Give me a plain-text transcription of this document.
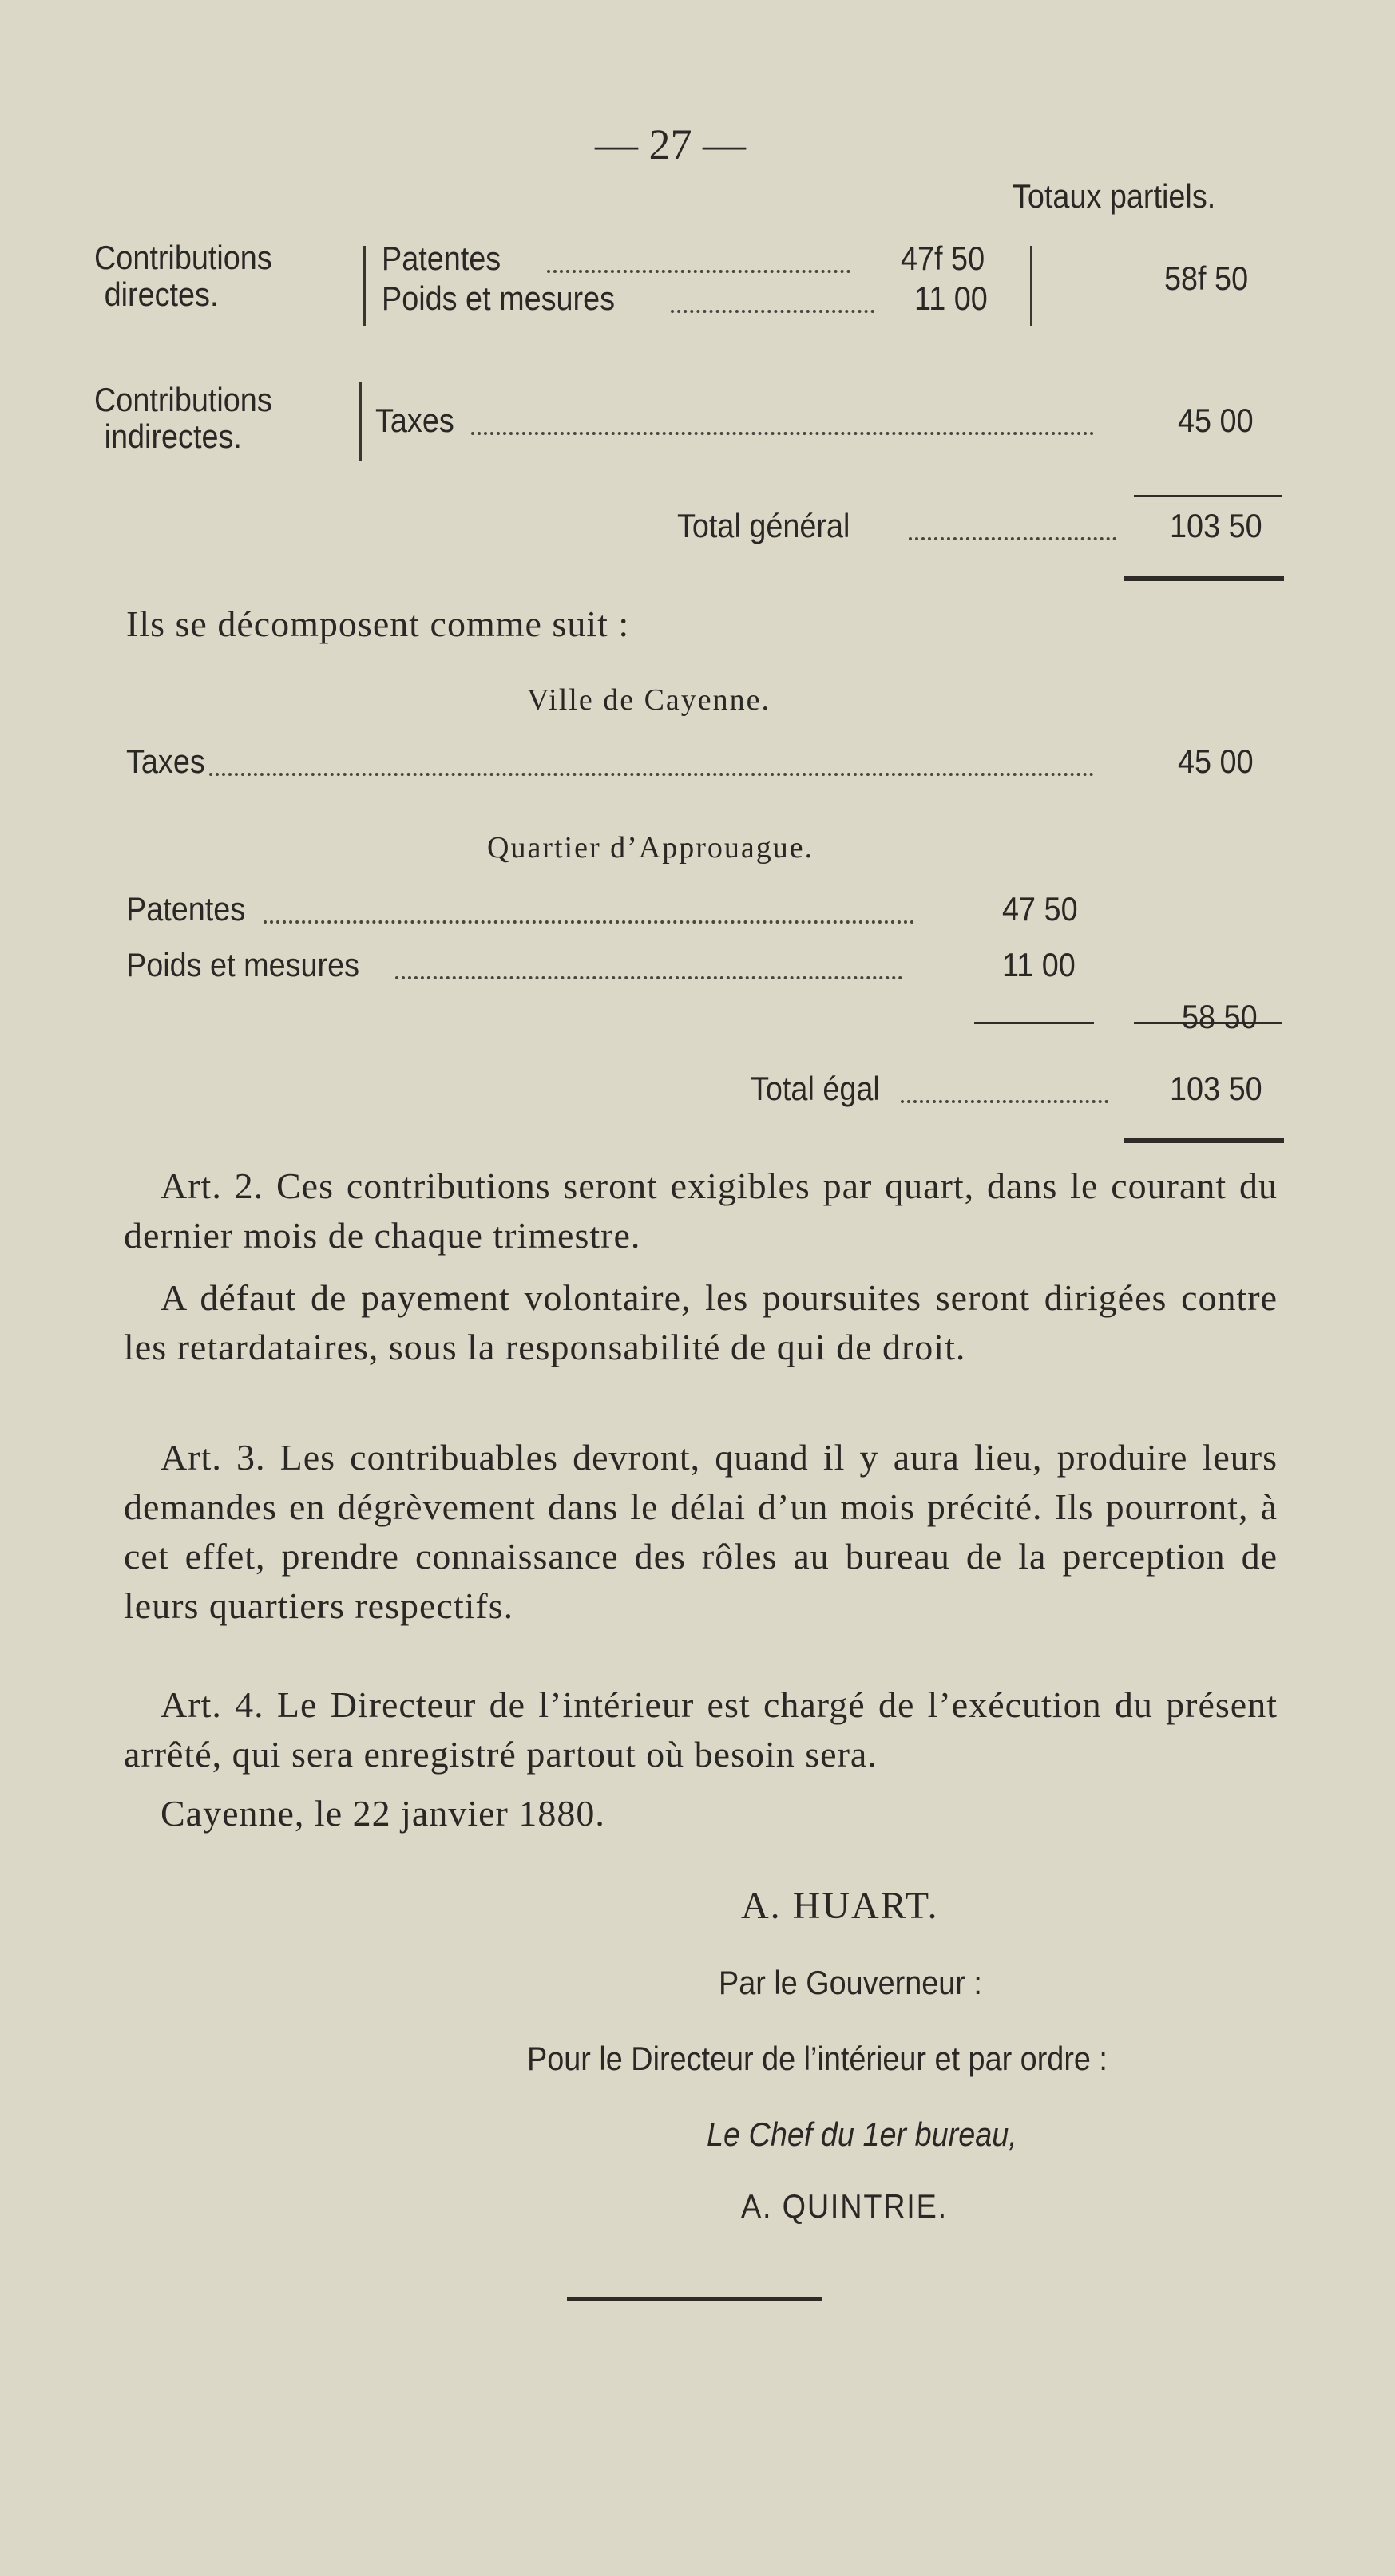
— 27 —
Totaux partiels.
Contributions
directes.
Patentes	47f 50
Poids et mesures	11 00
58f 50
Contributions
indirectes.	Taxes	45 00
Total général	103 50
Ils se décomposent comme suit :
Ville de Cayenne.
Taxes	45 00
Quartier d’Approuague.
Patentes	47 50
Poids et mesures	11 00
58 50
Total égal	103 50
Art. 2. Ces contributions seront exigibles par quart, dans le courant du dernier mois de chaque trimestre.
A défaut de payement volontaire, les poursuites seront dirigées contre les retardataires, sous la responsabilité de qui de droit.
Art. 3. Les contribuables devront, quand il y aura lieu, produire leurs demandes en dégrèvement dans le délai d’un mois précité. Ils pourront, à cet effet, prendre connaissance des rôles au bureau de la perception de leurs quartiers respectifs.
Art. 4. Le Directeur de l’intérieur est chargé de l’exécution du présent arrêté, qui sera enregistré partout où besoin sera.
Cayenne, le 22 janvier 1880.
A. HUART.
Par le Gouverneur :
Pour le Directeur de l’intérieur et par ordre :
Le Chef du 1er bureau,
A. QUINTRIE.
